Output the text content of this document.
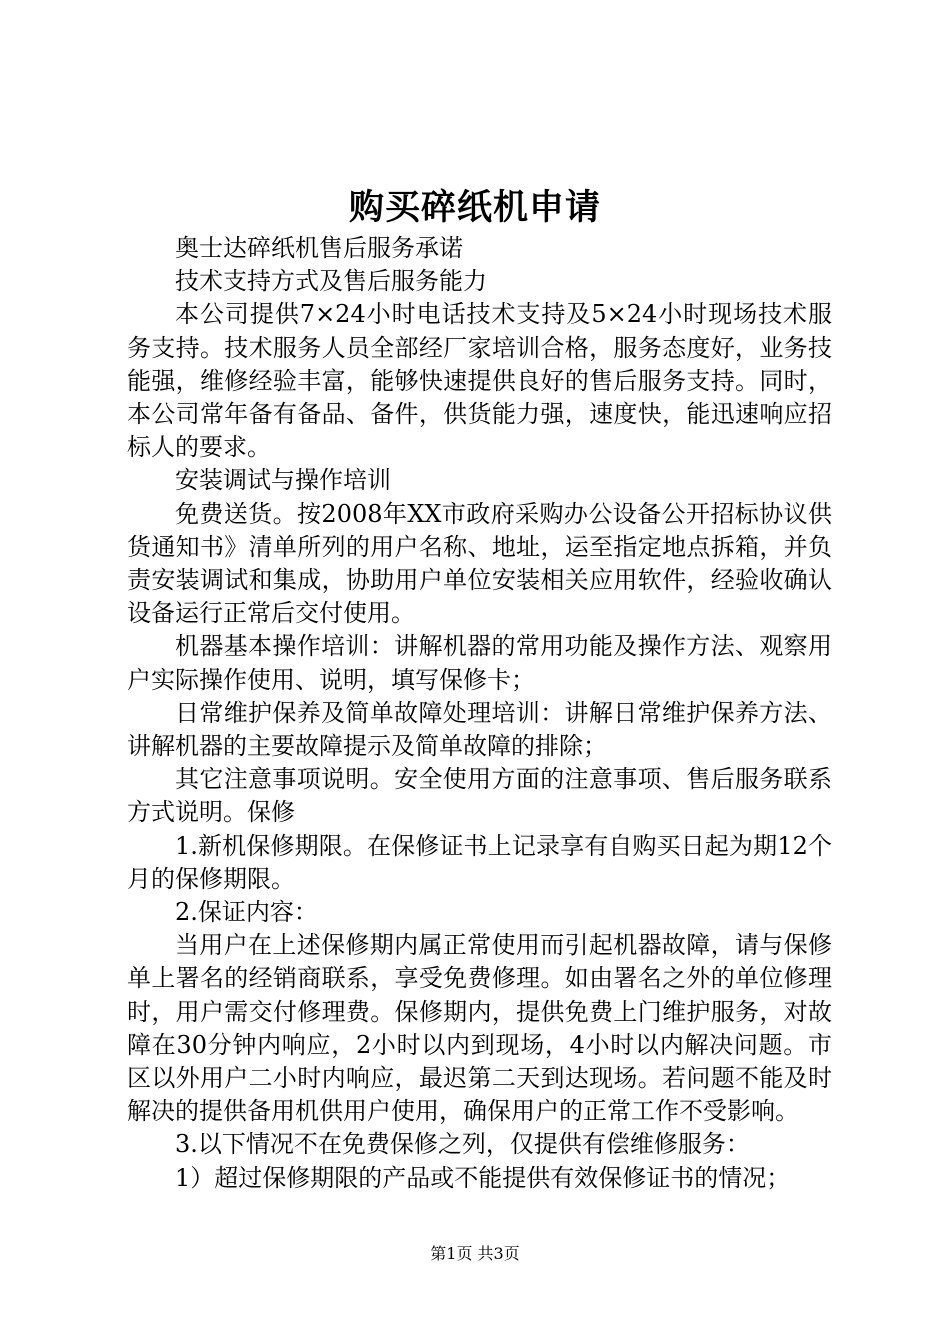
购买碎纸机申请

奥士达碎纸机售后服务承诺

技术支持方式及售后服务能力

本公司提供7×24小时电话技术支持及5×24小时现场技术服务支持。技术服务人员全部经厂家培训合格，服务态度好，业务技能强，维修经验丰富，能够快速提供良好的售后服务支持。同时，本公司常年备有备品、备件，供货能力强，速度快，能迅速响应招标人的要求。

安装调试与操作培训

免费送货。按2008年XX市政府采购办公设备公开招标协议供货通知书》清单所列的用户名称、地址，运至指定地点拆箱，并负责安装调试和集成，协助用户单位安装相关应用软件，经验收确认设备运行正常后交付使用。

机器基本操作培训：讲解机器的常用功能及操作方法、观察用户实际操作使用、说明，填写保修卡；

日常维护保养及简单故障处理培训：讲解日常维护保养方法、讲解机器的主要故障提示及简单故障的排除；

其它注意事项说明。安全使用方面的注意事项、售后服务联系方式说明。保修

1.新机保修期限。在保修证书上记录享有自购买日起为期12个月的保修期限。

2.保证内容：

当用户在上述保修期内属正常使用而引起机器故障，请与保修单上署名的经销商联系，享受免费修理。如由署名之外的单位修理时，用户需交付修理费。保修期内，提供免费上门维护服务，对故障在30分钟内响应，2小时以内到现场，4小时以内解决问题。市区以外用户二小时内响应，最迟第二天到达现场。若问题不能及时解决的提供备用机供用户使用，确保用户的正常工作不受影响。

3.以下情况不在免费保修之列，仅提供有偿维修服务：

1）超过保修期限的产品或不能提供有效保修证书的情况；

第1页 共3页
